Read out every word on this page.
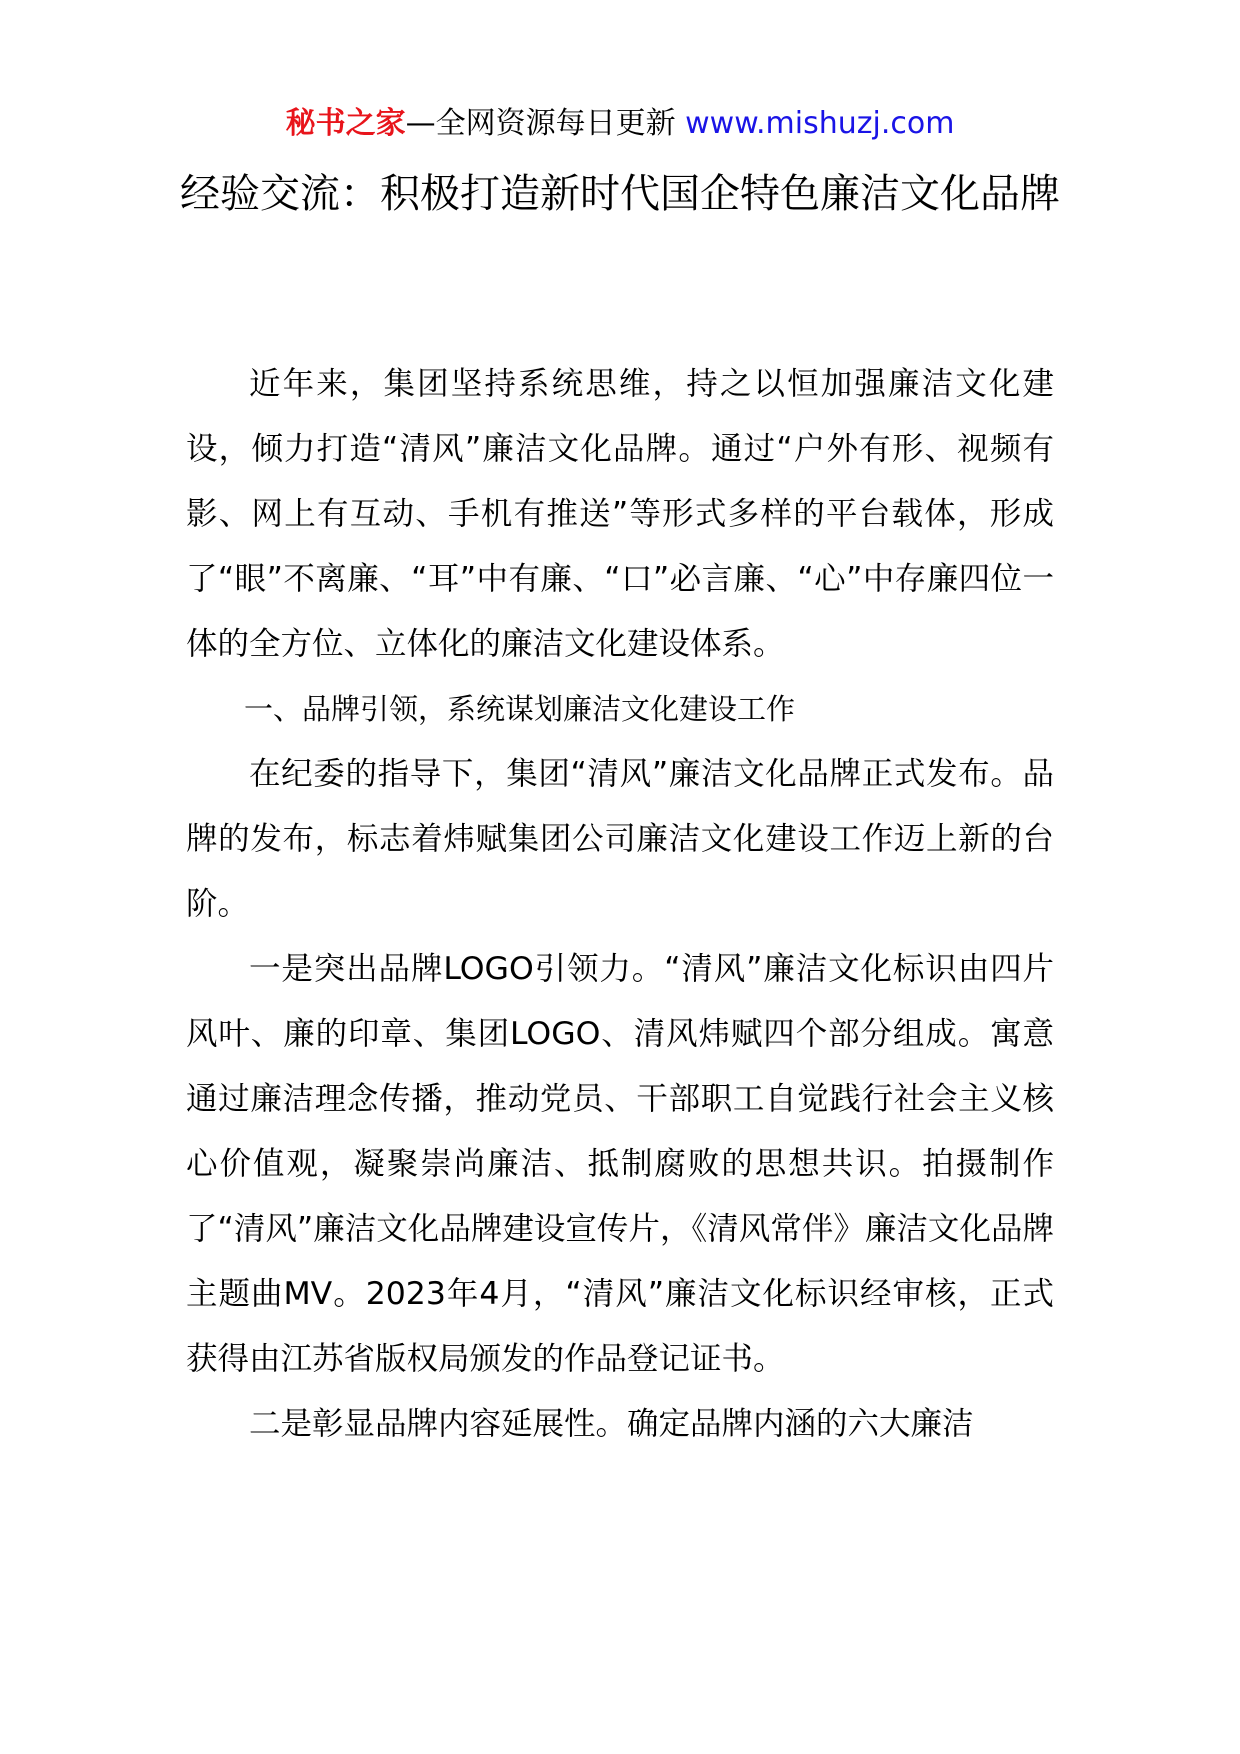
秘书之家—全网资源每日更新 www.mishuzj.com
经验交流：积极打造新时代国企特色廉洁文化品牌

近年来，集团坚持系统思维，持之以恒加强廉洁文化建设，倾力打造“清风”廉洁文化品牌。通过“户外有形、视频有影、网上有互动、手机有推送”等形式多样的平台载体，形成了“眼”不离廉、“耳”中有廉、“口”必言廉、“心”中存廉四位一体的全方位、立体化的廉洁文化建设体系。

一、品牌引领，系统谋划廉洁文化建设工作

在纪委的指导下，集团“清风”廉洁文化品牌正式发布。品牌的发布，标志着炜赋集团公司廉洁文化建设工作迈上新的台阶。

一是突出品牌LOGO引领力。“清风”廉洁文化标识由四片风叶、廉的印章、集团LOGO、清风炜赋四个部分组成。寓意通过廉洁理念传播，推动党员、干部职工自觉践行社会主义核心价值观，凝聚崇尚廉洁、抵制腐败的思想共识。拍摄制作了“清风”廉洁文化品牌建设宣传片，《清风常伴》廉洁文化品牌主题曲MV。2023年4月，“清风”廉洁文化标识经审核，正式获得由江苏省版权局颁发的作品登记证书。

二是彰显品牌内容延展性。确定品牌内涵的六大廉洁
